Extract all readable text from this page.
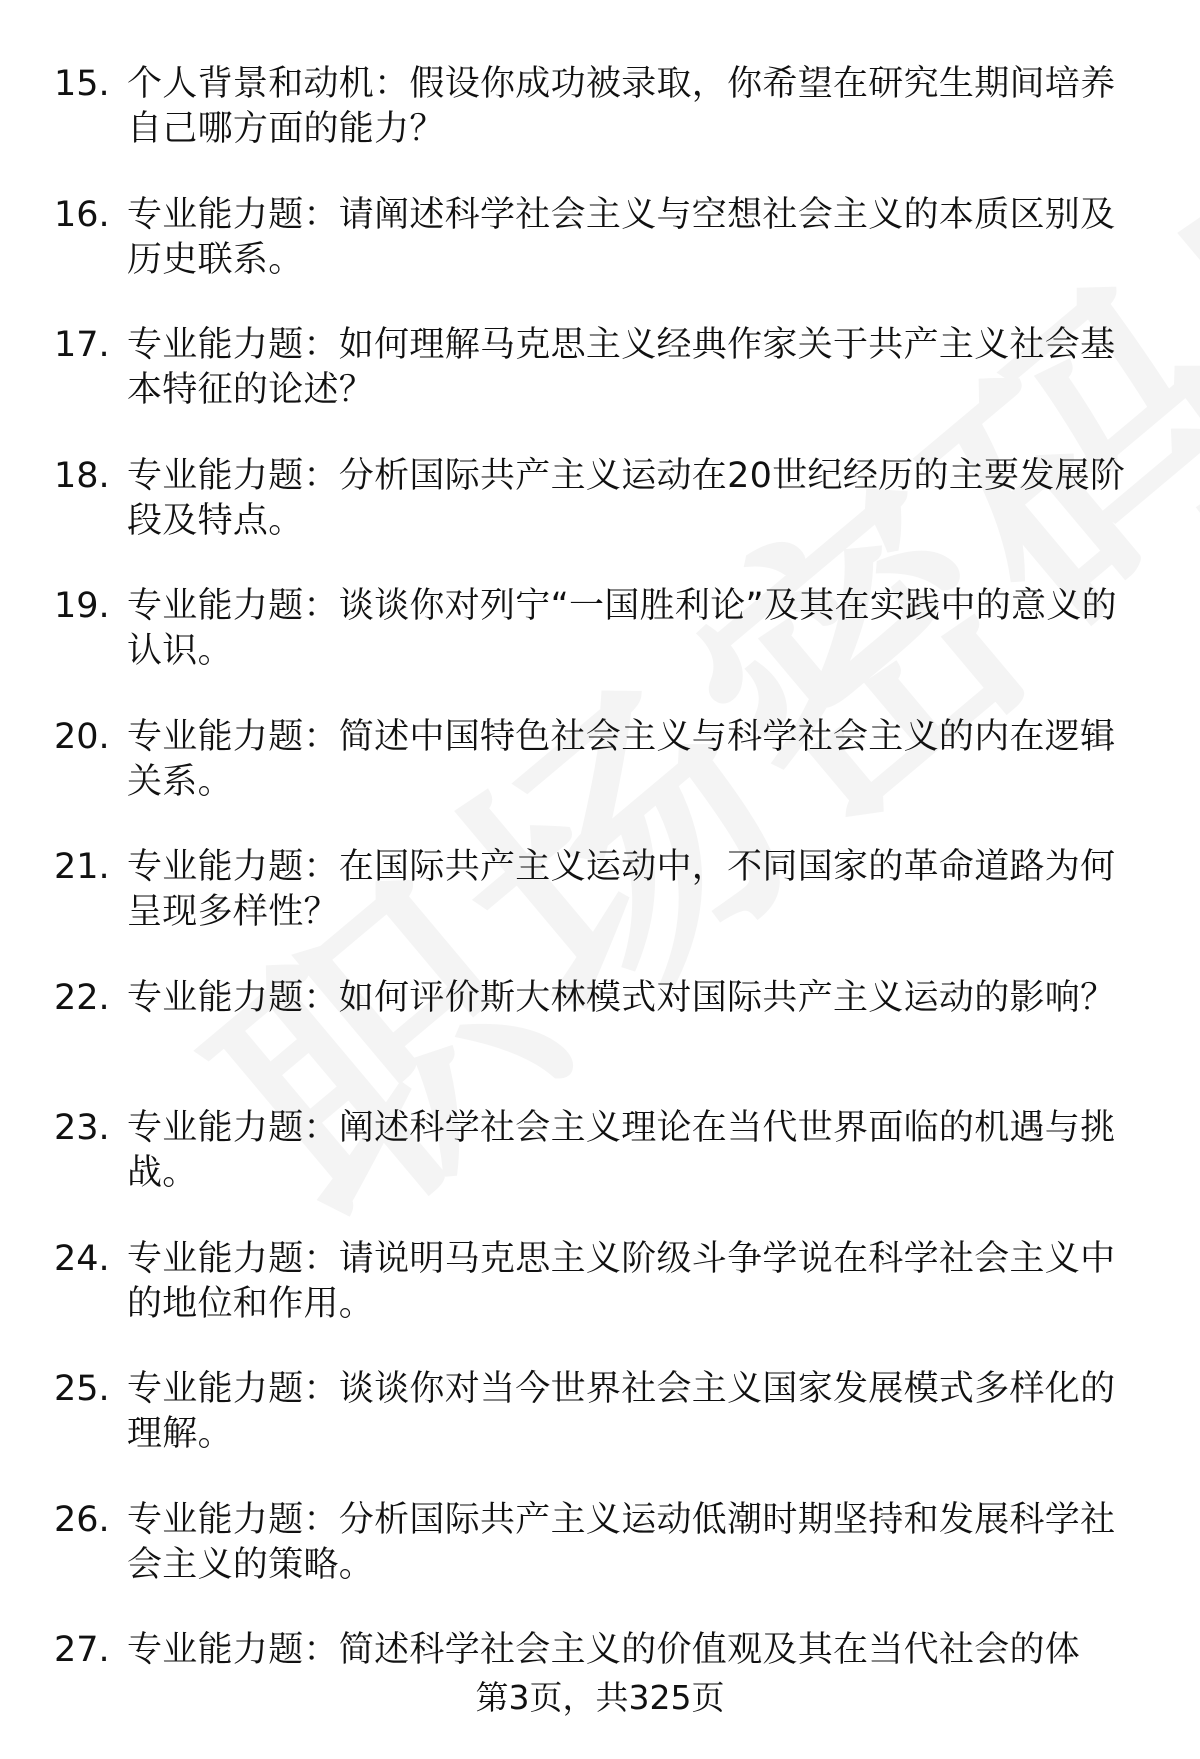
15. 个人背景和动机：假设你成功被录取，你希望在研究生期间培养自己哪方面的能力？
16. 专业能力题：请阐述科学社会主义与空想社会主义的本质区别及历史联系。
17. 专业能力题：如何理解马克思主义经典作家关于共产主义社会基本特征的论述？
18. 专业能力题：分析国际共产主义运动在20世纪经历的主要发展阶段及特点。
19. 专业能力题：谈谈你对列宁“一国胜利论”及其在实践中的意义的认识。
20. 专业能力题：简述中国特色社会主义与科学社会主义的内在逻辑关系。
21. 专业能力题：在国际共产主义运动中，不同国家的革命道路为何呈现多样性？
22. 专业能力题：如何评价斯大林模式对国际共产主义运动的影响？
23. 专业能力题：阐述科学社会主义理论在当代世界面临的机遇与挑战。
24. 专业能力题：请说明马克思主义阶级斗争学说在科学社会主义中的地位和作用。
25. 专业能力题：谈谈你对当今世界社会主义国家发展模式多样化的理解。
26. 专业能力题：分析国际共产主义运动低潮时期坚持和发展科学社会主义的策略。
27. 专业能力题：简述科学社会主义的价值观及其在当代社会的体
第3页，共325页
